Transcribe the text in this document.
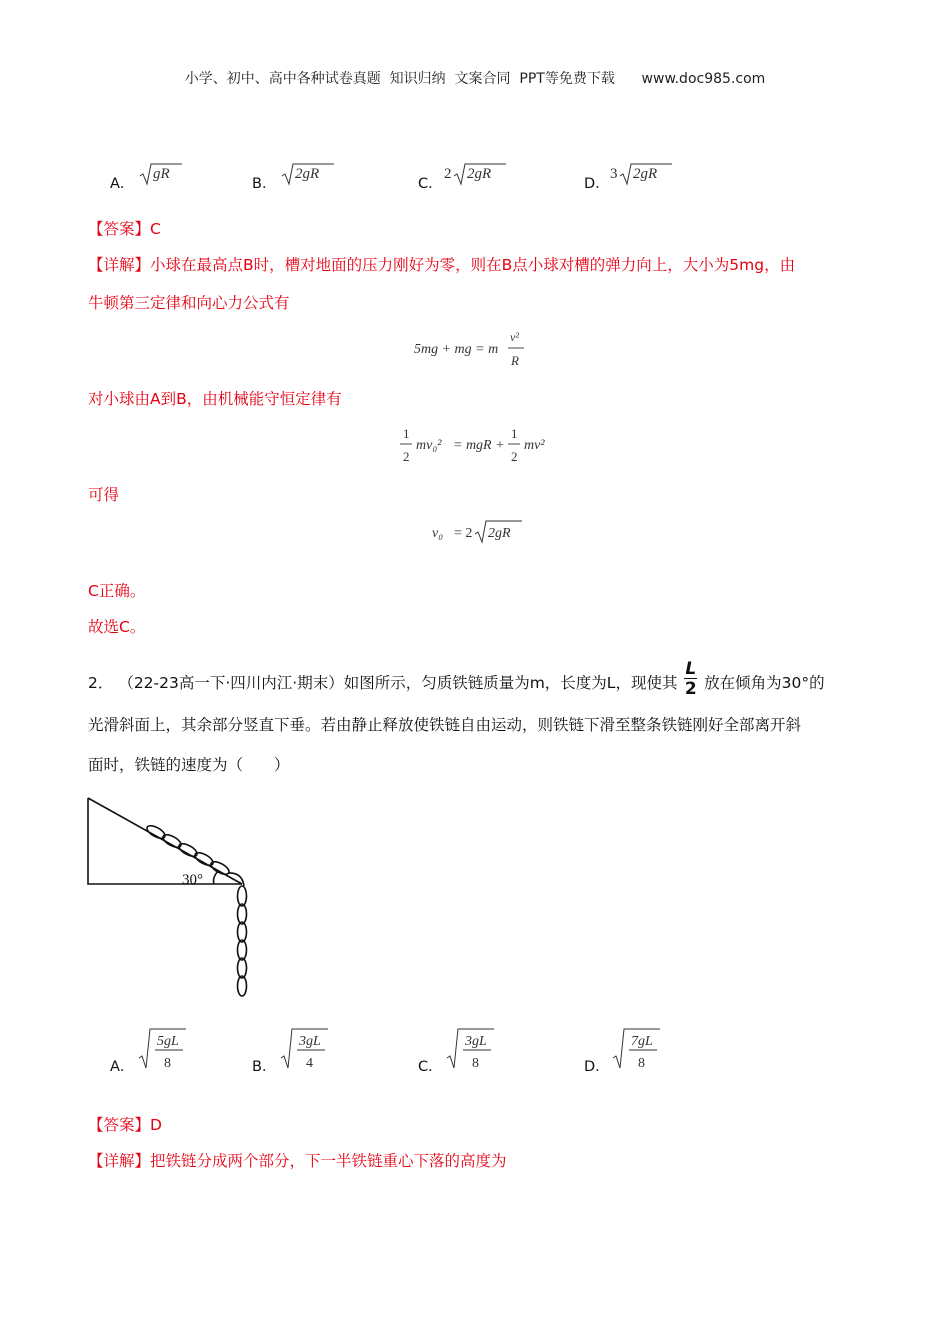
小学、初中、高中各种试卷真题  知识归纳  文案合同  PPT等免费下载      www.doc985.com
A．
gR
B．
2gR
C．
2 2gR
D．
3 2gR
【答案】C
【详解】小球在最高点B时，槽对地面的压力刚好为零，则在B点小球对槽的弹力向上，大小为5mg，由
牛顿第三定律和向心力公式有
5mg + mg = m
v²
R
对小球由A到B，由机械能守恒定律有
1
2
mv₀² = mgR +
1
2
mv²
可得
v₀ = 2 2gR
C正确。
故选C。
2． （22-23高一下·四川内江·期末）如图所示，匀质铁链质量为m，长度为L，现使其 $\frac{L}{2}$ 放在倾角为30°的
光滑斜面上，其余部分竖直下垂。若由静止释放使铁链自由运动，则铁链下滑至整条铁链刚好全部离开斜
面时，铁链的速度为（　　）
30°
A．
5gL
8	B．
3gL
4	C．
3gL
8	D．
7gL
8
【答案】D
【详解】把铁链分成两个部分，下一半铁链重心下落的高度为
